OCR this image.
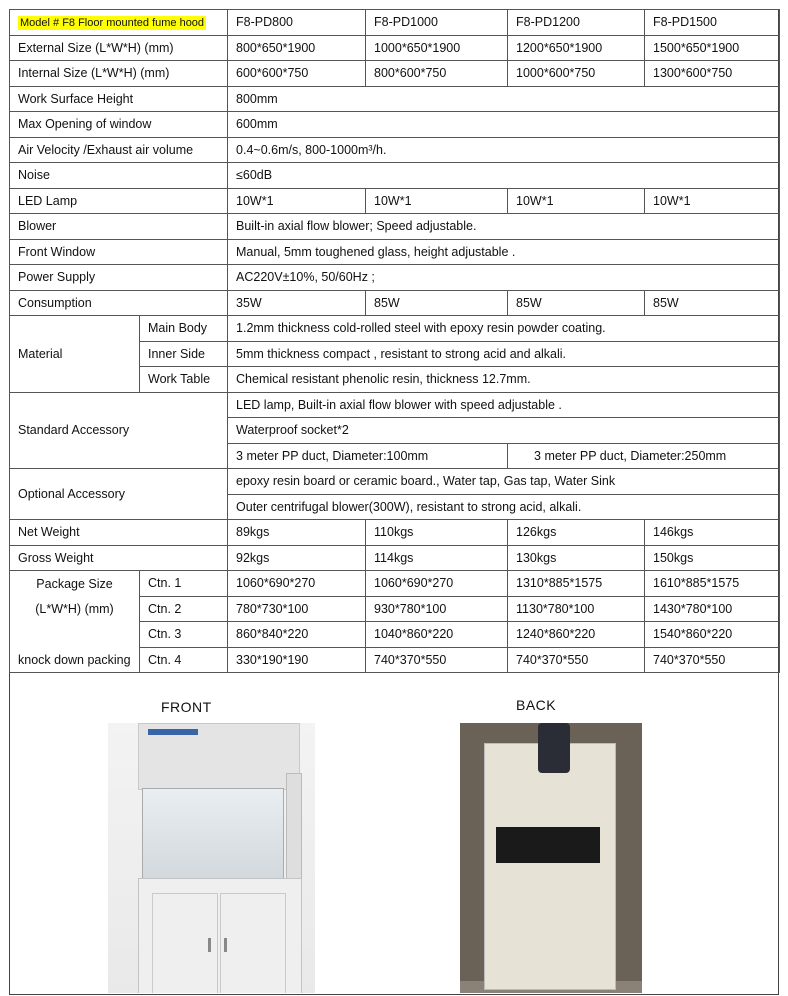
Model # F8 Floor mounted fume hood		F8-PD800	F8-PD1000	F8-PD1200	F8-PD1500
External Size (L*W*H) (mm)		800*650*1900	1000*650*1900	1200*650*1900	1500*650*1900
Internal Size (L*W*H) (mm)		600*600*750	800*600*750	1000*600*750	1300*600*750
Work Surface Height		800mm			
Max Opening of window		600mm			
Air Velocity /Exhaust air volume		0.4~0.6m/s, 800-1000m³/h.			
Noise		≤60dB			
LED Lamp		10W*1	10W*1	10W*1	10W*1
Blower		Built-in axial flow blower; Speed adjustable.			
Front Window		Manual, 5mm toughened glass, height adjustable .			
Power Supply		AC220V±10%, 50/60Hz ;			
Consumption		35W	85W	85W	85W
Material	Main Body	1.2mm thickness cold-rolled steel with epoxy resin powder coating.			
	Inner Side	5mm thickness compact , resistant to strong acid and alkali.			
	Work Table	Chemical resistant phenolic resin, thickness 12.7mm.			
Standard Accessory		LED lamp, Built-in axial flow blower with speed adjustable .			
		Waterproof socket*2			
		3 meter PP duct, Diameter:100mm		3 meter PP duct, Diameter:250mm	
Optional Accessory		epoxy resin board or ceramic board., Water tap, Gas tap, Water Sink			
		Outer centrifugal blower(300W), resistant to strong acid, alkali.			
Net Weight		89kgs	110kgs	126kgs	146kgs
Gross Weight		92kgs	114kgs	130kgs	150kgs
Package Size	Ctn. 1	1060*690*270	1060*690*270	1310*885*1575	1610*885*1575
(L*W*H) (mm)	Ctn. 2	780*730*100	930*780*100	1130*780*100	1430*780*100
	Ctn. 3	860*840*220	1040*860*220	1240*860*220	1540*860*220
knock down packing	Ctn. 4	330*190*190	740*370*550	740*370*550	740*370*550
FRONT	BACK
